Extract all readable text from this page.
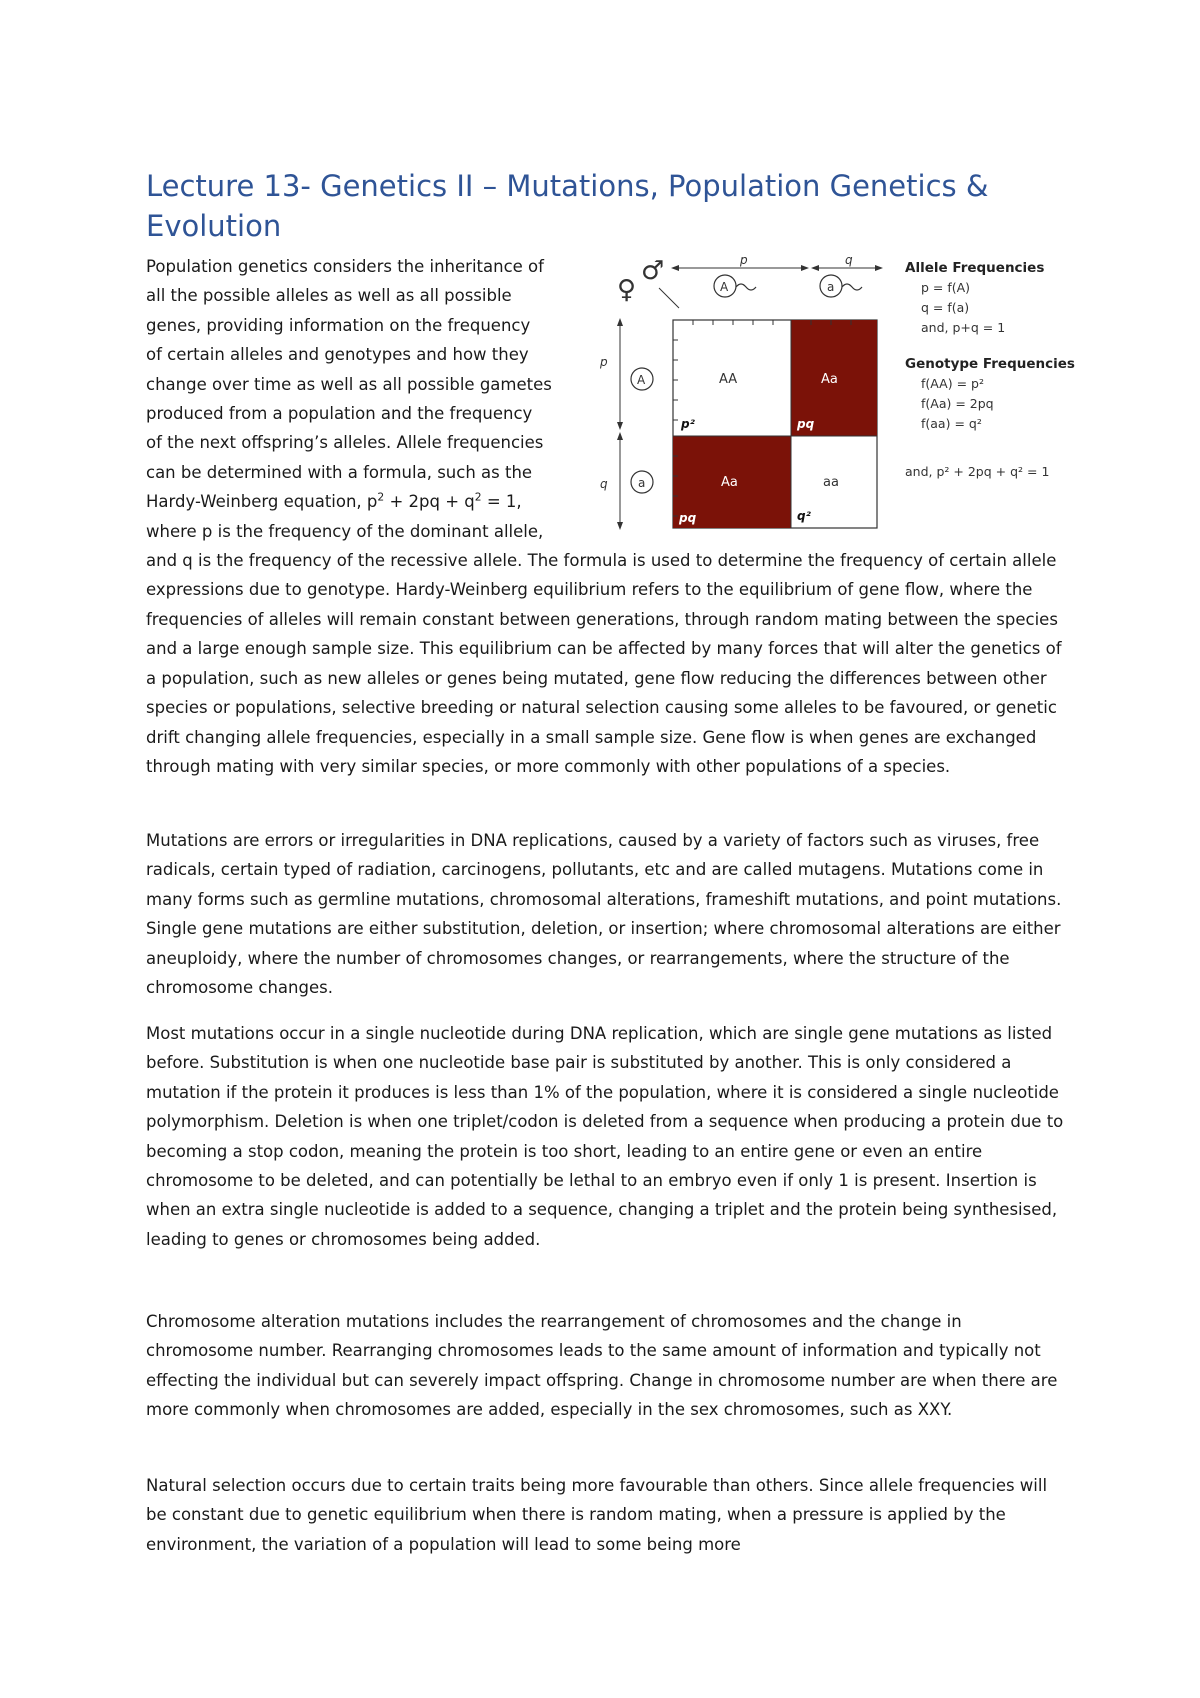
Lecture 13- Genetics II – Mutations, Population Genetics & Evolution
p	q
♂
♀	A	a
p
q
A
a
AA	Aa
Aa	aa
p²	pq
pq	q²
Allele Frequencies
p = f(A)
q = f(a)
and, p+q = 1
Genotype Frequencies
f(AA) = p²
f(Aa) = 2pq
f(aa) = q²
and, p² + 2pq + q² = 1
Population genetics considers the inheritance of
all the possible alleles as well as all possible
genes, providing information on the frequency
of certain alleles and genotypes and how they
change over time as well as all possible gametes
produced from a population and the frequency
of the next offspring’s alleles. Allele frequencies
can be determined with a formula, such as the
Hardy-Weinberg equation, $p^2 + 2pq + q^2 = 1$,
where p is the frequency of the dominant allele,

and q is the frequency of the recessive allele. The formula is used to determine the frequency of certain allele expressions due to genotype. Hardy-Weinberg equilibrium refers to the equilibrium of gene flow, where the frequencies of alleles will remain constant between generations, through random mating between the species and a large enough sample size. This equilibrium can be affected by many forces that will alter the genetics of a population, such as new alleles or genes being mutated, gene flow reducing the differences between other species or populations, selective breeding or natural selection causing some alleles to be favoured, or genetic drift changing allele frequencies, especially in a small sample size. Gene flow is when genes are exchanged through mating with very similar species, or more commonly with other populations of a species.

Mutations are errors or irregularities in DNA replications, caused by a variety of factors such as viruses, free radicals, certain typed of radiation, carcinogens, pollutants, etc and are called mutagens. Mutations come in many forms such as germline mutations, chromosomal alterations, frameshift mutations, and point mutations. Single gene mutations are either substitution, deletion, or insertion; where chromosomal alterations are either aneuploidy, where the number of chromosomes changes, or rearrangements, where the structure of the chromosome changes.

Most mutations occur in a single nucleotide during DNA replication, which are single gene mutations as listed before. Substitution is when one nucleotide base pair is substituted by another. This is only considered a mutation if the protein it produces is less than 1% of the population, where it is considered a single nucleotide polymorphism. Deletion is when one triplet/codon is deleted from a sequence when producing a protein due to becoming a stop codon, meaning the protein is too short, leading to an entire gene or even an entire chromosome to be deleted, and can potentially be lethal to an embryo even if only 1 is present. Insertion is when an extra single nucleotide is added to a sequence, changing a triplet and the protein being synthesised, leading to genes or chromosomes being added.

Chromosome alteration mutations includes the rearrangement of chromosomes and the change in chromosome number. Rearranging chromosomes leads to the same amount of information and typically not effecting the individual but can severely impact offspring. Change in chromosome number are when there are more commonly when chromosomes are added, especially in the sex chromosomes, such as XXY.

Natural selection occurs due to certain traits being more favourable than others. Since allele frequencies will be constant due to genetic equilibrium when there is random mating, when a pressure is applied by the environment, the variation of a population will lead to some being more
